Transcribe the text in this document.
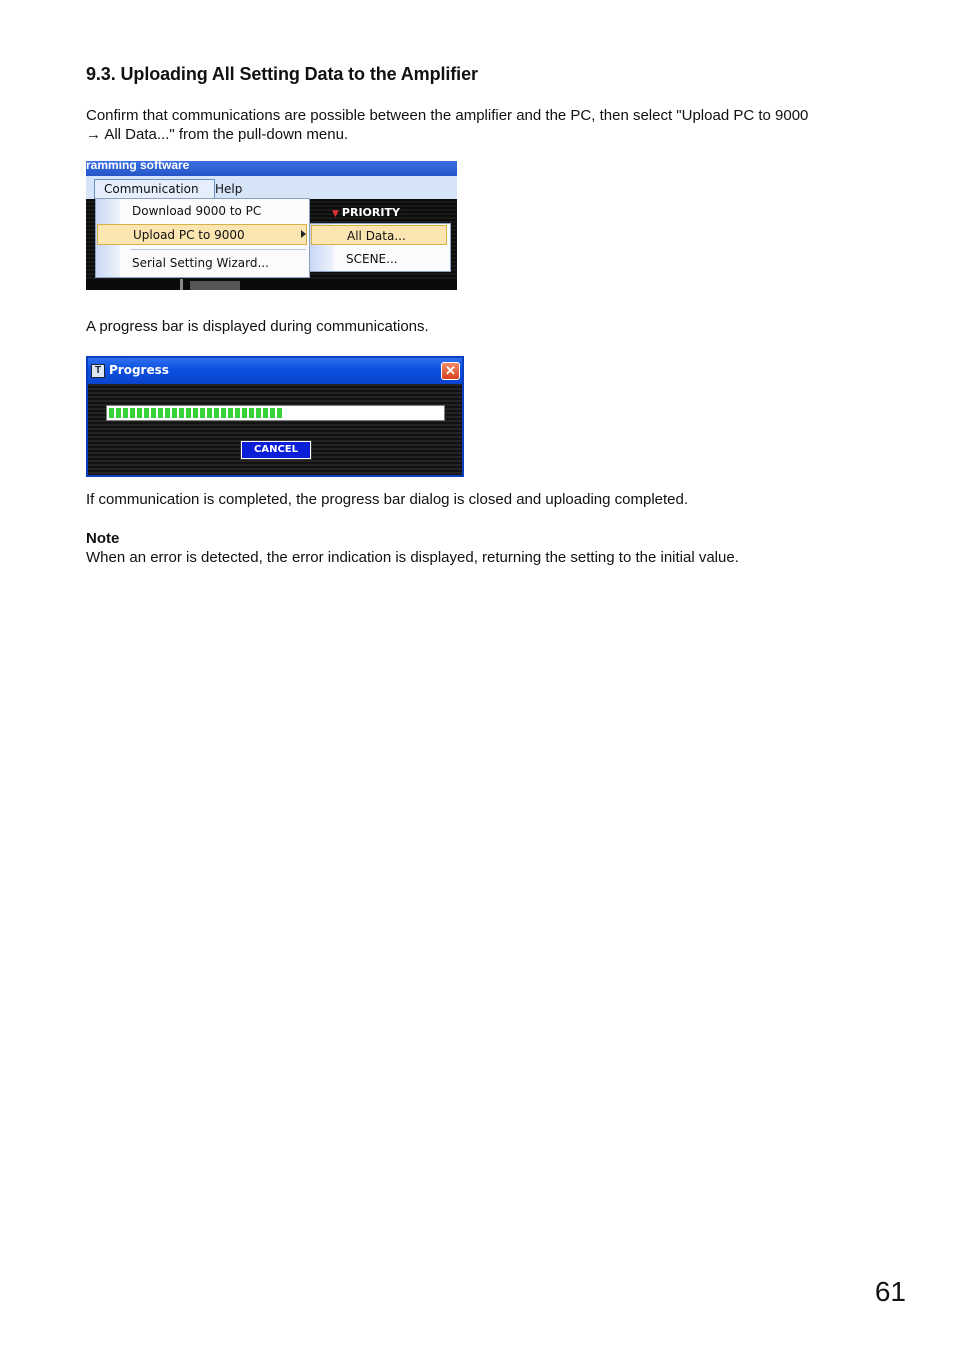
9.3. Uploading All Setting Data to the Amplifier
Confirm that communications are possible between the amplifier and the PC, then select "Upload PC to 9000
→ All Data..." from the pull-down menu.
ramming software
Communication	Help
▼ PRIORITY
Download 9000 to PC
Upload PC to 9000
Serial Setting Wizard...
All Data...
SCENE...
A progress bar is displayed during communications.
T Progress	✕
CANCEL
If communication is completed, the progress bar dialog is closed and uploading completed.
Note
When an error is detected, the error indication is displayed, returning the setting to the initial value.
61
